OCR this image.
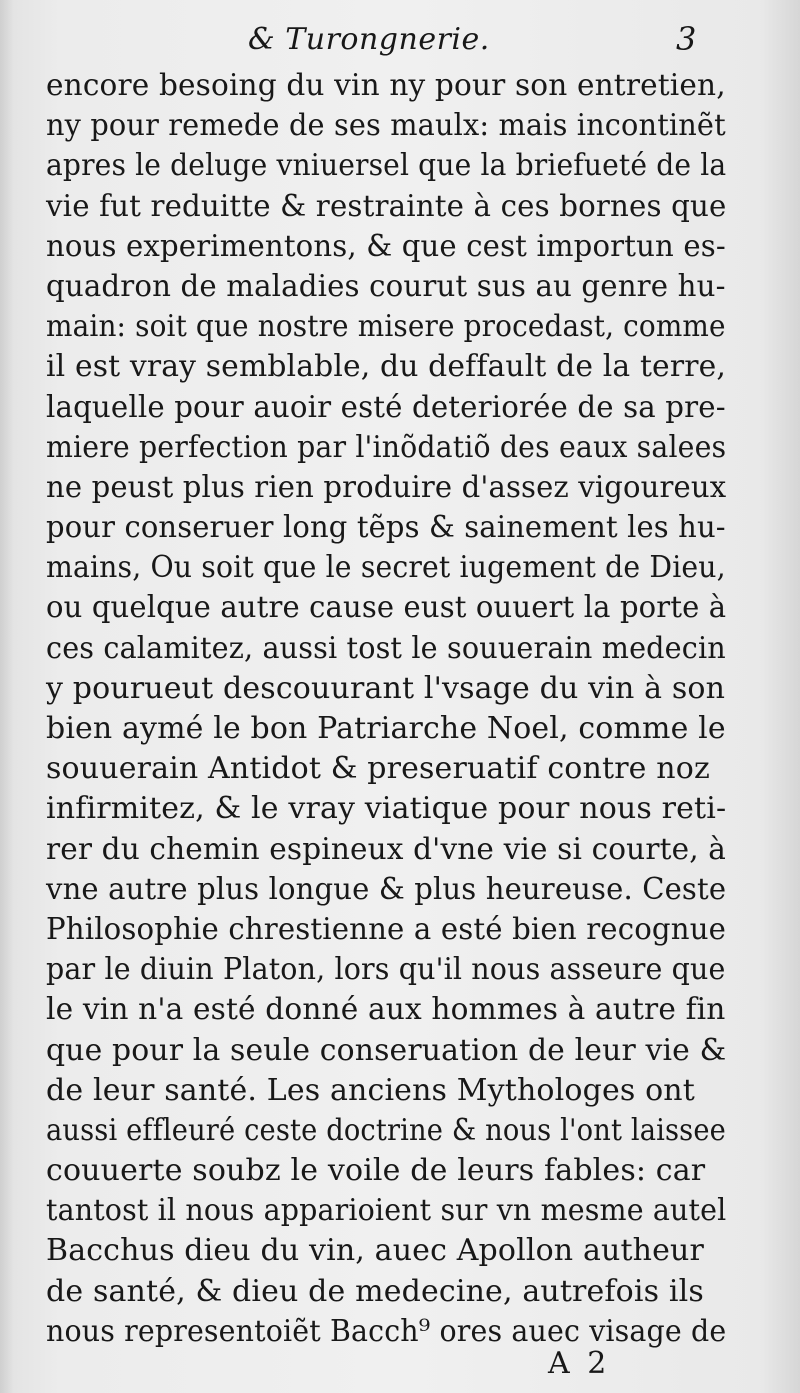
& Turongnerie.	3
encore besoing du vin ny pour son entretien,
ny pour remede de ses maulx: mais incontinẽt
apres le deluge vniuersel que la briefueté de la
vie fut reduitte & restrainte à ces bornes que
nous experimentons, & que cest importun es-
quadron de maladies courut sus au genre hu-
main: soit que nostre misere procedast, comme
il est vray semblable, du deffault de la terre,
laquelle pour auoir esté deteriorée de sa pre-
miere perfection par l'inõdatiõ des eaux salees
ne peust plus rien produire d'assez vigoureux
pour conseruer long tẽps & sainement les hu-
mains, Ou soit que le secret iugement de Dieu,
ou quelque autre cause eust ouuert la porte à
ces calamitez, aussi tost le souuerain medecin
y pourueut descouurant l'vsage du vin à son
bien aymé le bon Patriarche Noel, comme le
souuerain Antidot & preseruatif contre noz
infirmitez, & le vray viatique pour nous reti-
rer du chemin espineux d'vne vie si courte, à
vne autre plus longue & plus heureuse. Ceste
Philosophie chrestienne a esté bien recognue
par le diuin Platon, lors qu'il nous asseure que
le vin n'a esté donné aux hommes à autre fin
que pour la seule conseruation de leur vie &
de leur santé. Les anciens Mythologes ont
aussi effleuré ceste doctrine & nous l'ont laissee
couuerte soubz le voile de leurs fables: car
tantost il nous apparioient sur vn mesme autel
Bacchus dieu du vin, auec Apollon autheur
de santé, & dieu de medecine, autrefois ils
nous representoiẽt Bacch⁹ ores auec visage de
A 2
